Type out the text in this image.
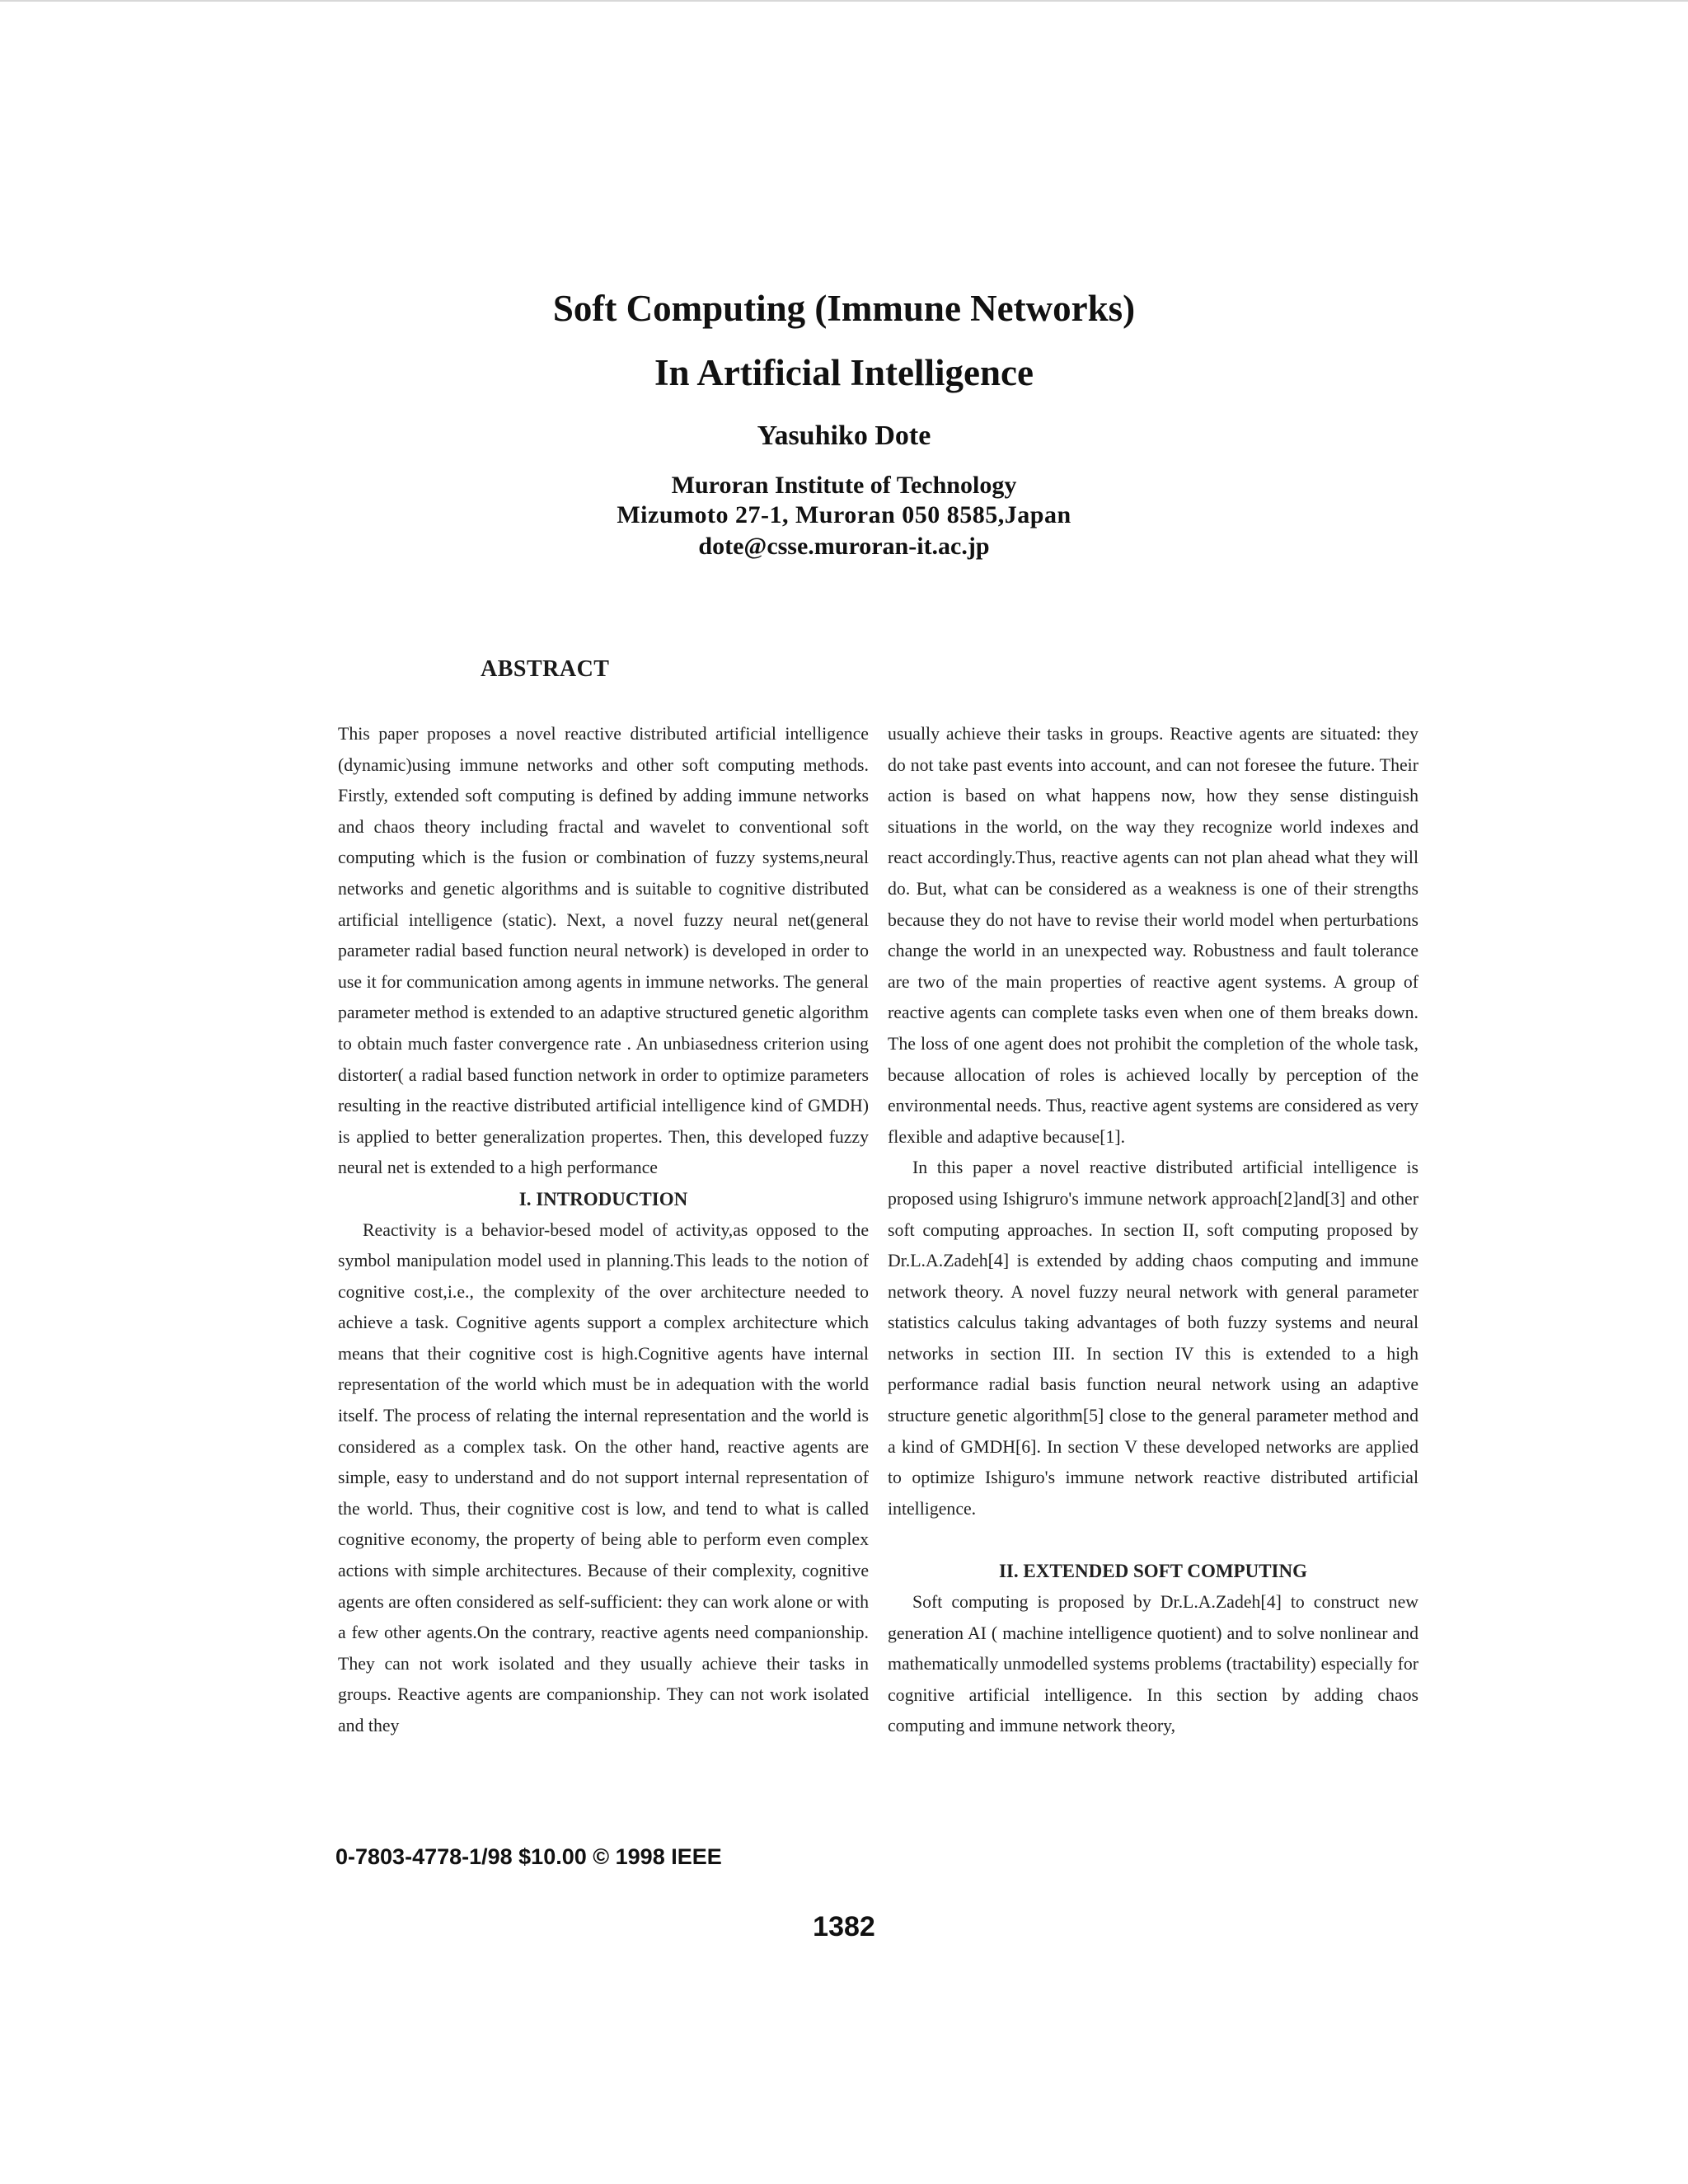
Soft Computing (Immune Networks)
In Artificial Intelligence
Yasuhiko Dote
Muroran Institute of Technology
Mizumoto 27-1, Muroran 050 8585,Japan
dote@csse.muroran-it.ac.jp
ABSTRACT

This paper proposes a novel reactive distributed artificial intelligence (dynamic)using immune networks and other soft computing methods. Firstly, extended soft computing is defined by adding immune networks and chaos theory including fractal and wavelet to conventional soft computing which is the fusion or combination of fuzzy systems,neural networks and genetic algorithms and is suitable to cognitive distributed artificial intelligence (static). Next, a novel fuzzy neural net(general parameter radial based function neural network) is developed in order to use it for communication among agents in immune networks. The general parameter method is extended to an adaptive structured genetic algorithm to obtain much faster convergence rate . An unbiasedness criterion using distorter( a radial based function network in order to optimize parameters resulting in the reactive distributed artificial intelligence kind of GMDH) is applied to better generalization propertes. Then, this developed fuzzy neural net is extended to a high performance

I. INTRODUCTION

Reactivity is a behavior-besed model of activity,as opposed to the symbol manipulation model used in planning.This leads to the notion of cognitive cost,i.e., the complexity of the over architecture needed to achieve a task. Cognitive agents support a complex architecture which means that their cognitive cost is high.Cognitive agents have internal representation of the world which must be in adequation with the world itself. The process of relating the internal representation and the world is considered as a complex task. On the other hand, reactive agents are simple, easy to understand and do not support internal representation of the world. Thus, their cognitive cost is low, and tend to what is called cognitive economy, the property of being able to perform even complex actions with simple architectures. Because of their complexity, cognitive agents are often considered as self-sufficient: they can work alone or with a few other agents.On the contrary, reactive agents need companionship. They can not work isolated and they usually achieve their tasks in groups. Reactive agents are companionship. They can not work isolated and they

usually achieve their tasks in groups. Reactive agents are situated: they do not take past events into account, and can not foresee the future. Their action is based on what happens now, how they sense distinguish situations in the world, on the way they recognize world indexes and react accordingly.Thus, reactive agents can not plan ahead what they will do. But, what can be considered as a weakness is one of their strengths because they do not have to revise their world model when perturbations change the world in an unexpected way. Robustness and fault tolerance are two of the main properties of reactive agent systems. A group of reactive agents can complete tasks even when one of them breaks down. The loss of one agent does not prohibit the completion of the whole task, because allocation of roles is achieved locally by perception of the environmental needs. Thus, reactive agent systems are considered as very flexible and adaptive because[1].

In this paper a novel reactive distributed artificial intelligence is proposed using Ishigruro's immune network approach[2]and[3] and other soft computing approaches. In section II, soft computing proposed by Dr.L.A.Zadeh[4] is extended by adding chaos computing and immune network theory. A novel fuzzy neural network with general parameter statistics calculus taking advantages of both fuzzy systems and neural networks in section III. In section IV this is extended to a high performance radial basis function neural network using an adaptive structure genetic algorithm[5] close to the general parameter method and a kind of GMDH[6]. In section V these developed networks are applied to optimize Ishiguro's immune network reactive distributed artificial intelligence.

II. EXTENDED SOFT COMPUTING

Soft computing is proposed by Dr.L.A.Zadeh[4] to construct new generation AI ( machine intelligence quotient) and to solve nonlinear and mathematically unmodelled systems problems (tractability) especially for cognitive artificial intelligence. In this section by adding chaos computing and immune network theory,

0-7803-4778-1/98 $10.00 © 1998 IEEE
1382
